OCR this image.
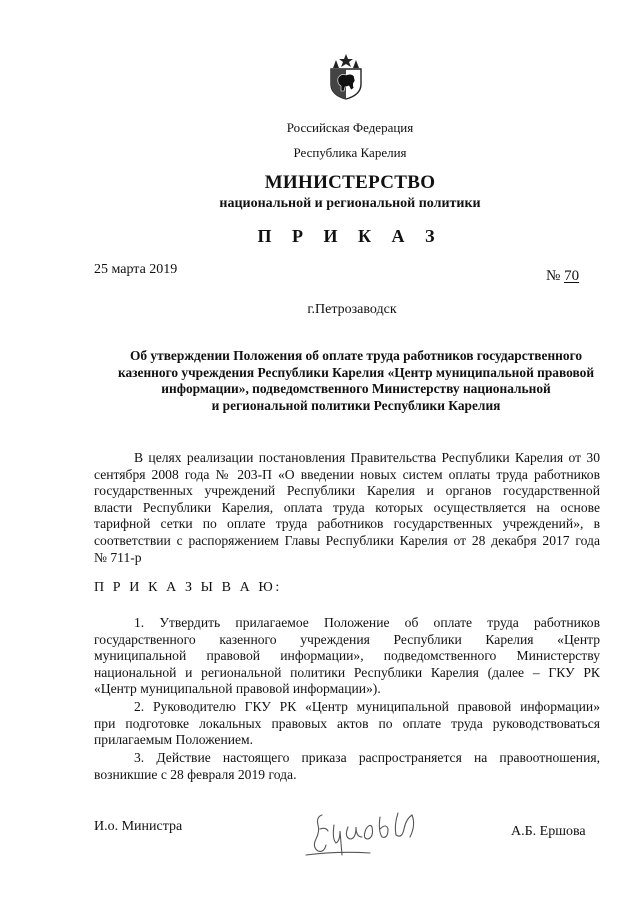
Российская Федерация
Республика Карелия
МИНИСТЕРСТВО
национальной и региональной политики
П Р И К А З
25 марта 2019	№ 70
г.Петрозаводск
Об утверждении Положения об оплате труда работников государственного
казенного учреждения Республики Карелия «Центр муниципальной правовой
информации», подведомственного Министерству национальной
и региональной политики Республики Карелия
В целях реализации постановления Правительства Республики Карелия от 30
сентября 2008 года № 203-П «О введении новых систем оплаты труда работников
государственных учреждений Республики Карелия и органов государственной
власти Республики Карелия, оплата труда которых осуществляется на основе
тарифной сетки по оплате труда работников государственных учреждений», в
соответствии с распоряжением Главы Республики Карелия от 28 декабря 2017 года
№ 711-р
П Р И К А З Ы В А Ю:
1. Утвердить прилагаемое Положение об оплате труда работников
государственного казенного учреждения Республики Карелия «Центр
муниципальной правовой информации», подведомственного Министерству
национальной и региональной политики Республики Карелия (далее – ГКУ РК
«Центр муниципальной правовой информации»).
2. Руководителю ГКУ РК «Центр муниципальной правовой информации»
при подготовке локальных правовых актов по оплате труда руководствоваться
прилагаемым Положением.
3. Действие настоящего приказа распространяется на правоотношения,
возникшие с 28 февраля 2019 года.
И.о. Министра	А.Б. Ершова
